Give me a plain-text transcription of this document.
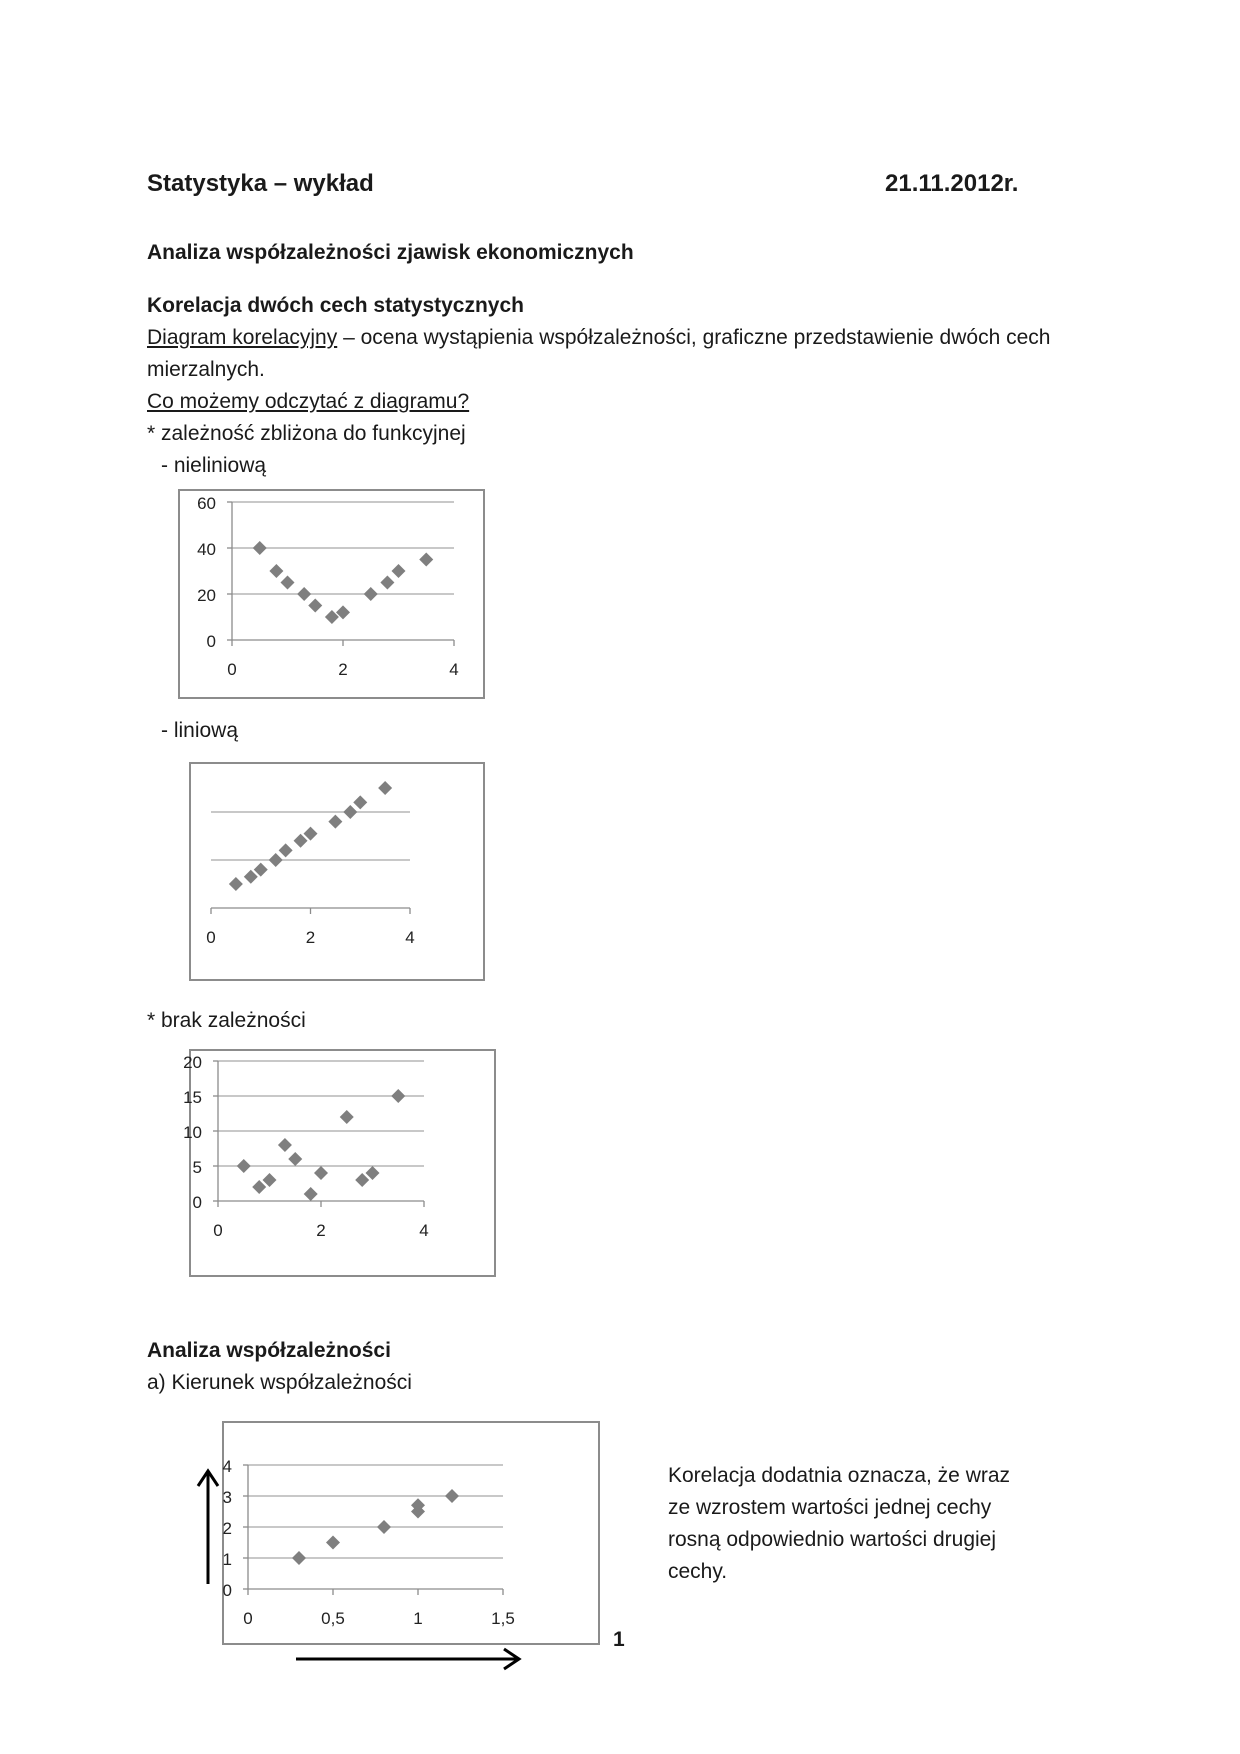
Statystyka – wykład	21.11.2012r.
Analiza współzależności zjawisk ekonomicznych
Korelacja dwóch cech statystycznych
Diagram korelacyjny – ocena wystąpienia współzależności, graficzne przedstawienie dwóch cech
mierzalnych.
Co możemy odczytać z diagramu?
* zależność zbliżona do funkcyjnej
- nieliniową
0
20
40
60
0	2	4
- liniową
0	2	4
* brak zależności
0
5
10
15
20
0	2	4
Analiza współzależności
a) Kierunek współzależności
0
1
2
3
4
0	0,5	1	1,5
Korelacja dodatnia oznacza, że wraz
ze wzrostem wartości jednej cechy
rosną odpowiednio wartości drugiej
cechy.
1
